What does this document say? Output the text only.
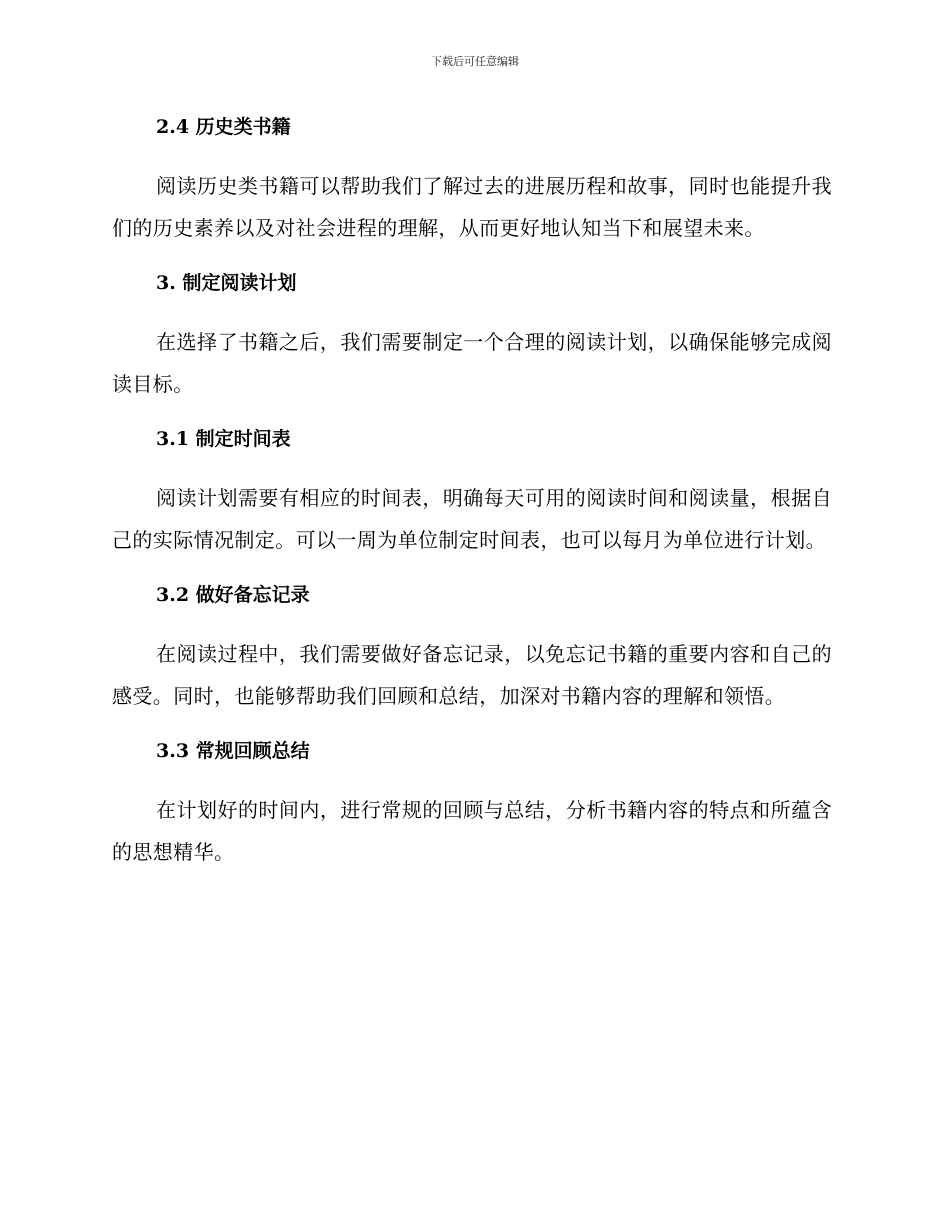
下载后可任意编辑
2.4 历史类书籍

阅读历史类书籍可以帮助我们了解过去的进展历程和故事，同时也能提升我们的历史素养以及对社会进程的理解，从而更好地认知当下和展望未来。

3. 制定阅读计划

在选择了书籍之后，我们需要制定一个合理的阅读计划，以确保能够完成阅读目标。

3.1 制定时间表

阅读计划需要有相应的时间表，明确每天可用的阅读时间和阅读量，根据自己的实际情况制定。可以一周为单位制定时间表，也可以每月为单位进行计划。

3.2 做好备忘记录

在阅读过程中，我们需要做好备忘记录，以免忘记书籍的重要内容和自己的感受。同时，也能够帮助我们回顾和总结，加深对书籍内容的理解和领悟。

3.3 常规回顾总结

在计划好的时间内，进行常规的回顾与总结，分析书籍内容的特点和所蕴含的思想精华。
